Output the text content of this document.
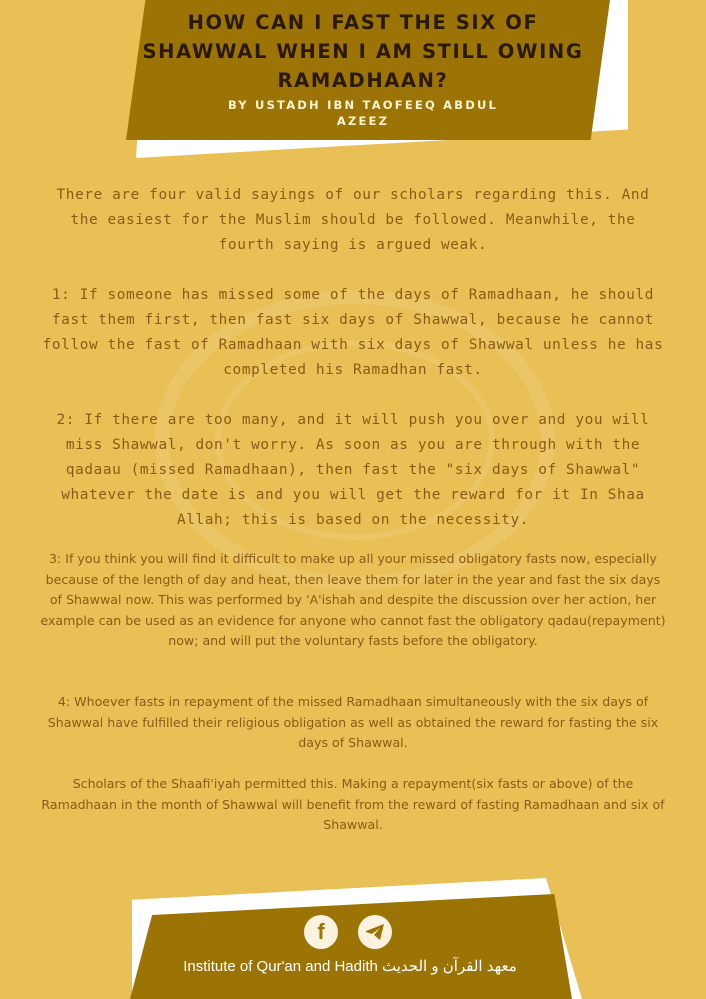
HOW CAN I FAST THE SIX OF SHAWWAL WHEN I AM STILL OWING RAMADHAAN?

BY USTADH IBN TAOFEEQ ABDUL AZEEZ

There are four valid sayings of our scholars regarding this. And the easiest for the Muslim should be followed. Meanwhile, the fourth saying is argued weak.

1: If someone has missed some of the days of Ramadhaan, he should fast them first, then fast six days of Shawwal, because he cannot follow the fast of Ramadhaan with six days of Shawwal unless he has completed his Ramadhan fast.

2: If there are too many, and it will push you over and you will miss Shawwal, don't worry. As soon as you are through with the qadaau (missed Ramadhaan), then fast the "six days of Shawwal" whatever the date is and you will get the reward for it In Shaa Allah; this is based on the necessity.

3: If you think you will find it difficult to make up all your missed obligatory fasts now, especially because of the length of day and heat, then leave them for later in the year and fast the six days of Shawwal now. This was performed by 'A'ishah and despite the discussion over her action, her example can be used as an evidence for anyone who cannot fast the obligatory qadau(repayment) now; and will put the voluntary fasts before the obligatory.

4: Whoever fasts in repayment of the missed Ramadhaan simultaneously with the six days of Shawwal have fulfilled their religious obligation as well as obtained the reward for fasting the six days of Shawwal.

Scholars of the Shaafi'iyah permitted this. Making a repayment(six fasts or above) of the Ramadhaan in the month of Shawwal will benefit from the reward of fasting Ramadhaan and six of Shawwal.

f

Institute of Qur'an and Hadith معهد القرآن و الحديث
